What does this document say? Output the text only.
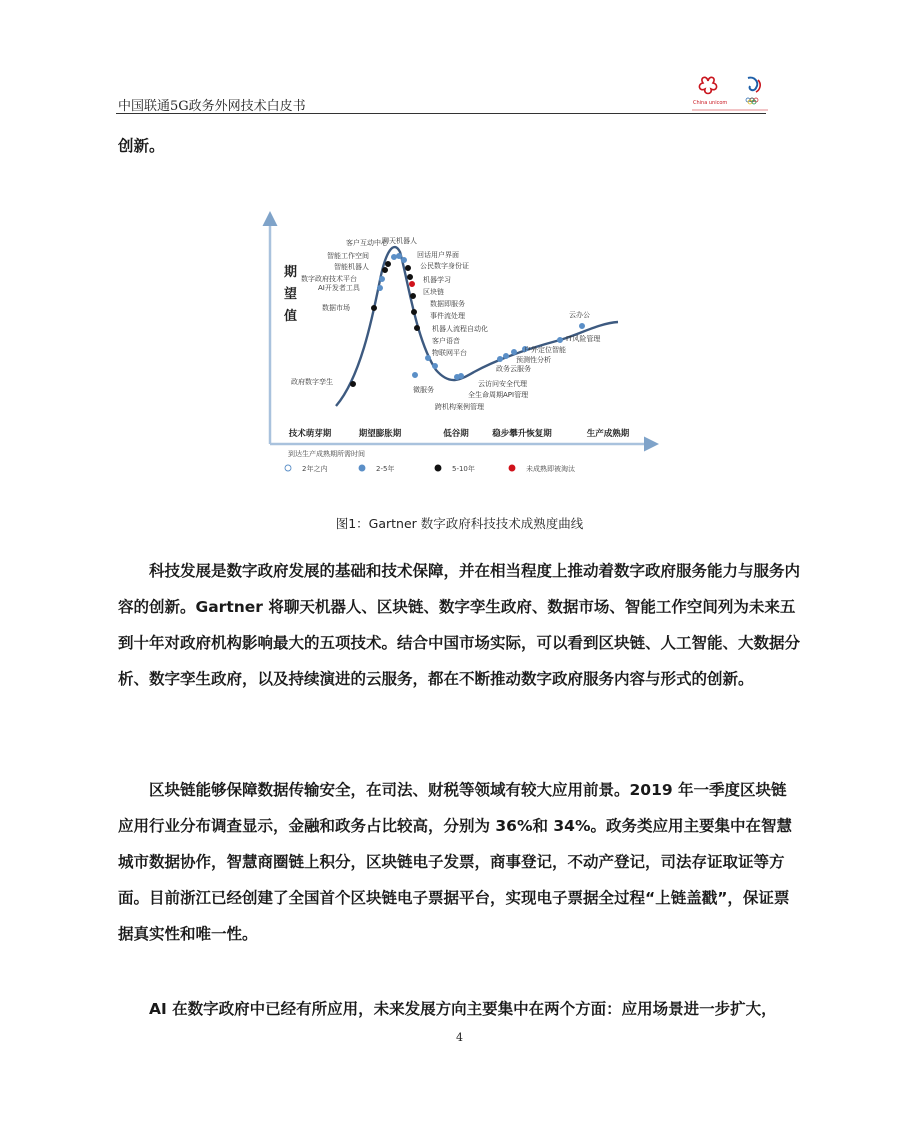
中国联通5G政务外网技术白皮书	China unicom

创新。

期望值
技术萌芽期	期望膨胀期	低谷期	稳步攀升恢复期	生产成熟期
政府数字孪生
数据市场
AI开发者工具
数字政府技术平台
智能机器人
智能工作空间
客户互动中心
聊天机器人
回话用户界面
公民数字身份证
机器学习
区块链
数据即服务
事件流处理
机器人流程自动化
客户语音
物联网平台
微服务
跨机构案例管理
全生命周期API管理
云访问安全代理
政务云服务
预测性分析
户外定位智能
IT风险管理
云办公
到达生产成熟期所需时间
2年之内	2-5年	5-10年	未成熟即被淘汰
图1：Gartner 数字政府科技技术成熟度曲线

科技发展是数字政府发展的基础和技术保障，并在相当程度上推动着数字政府服务能力与服务内容的创新。Gartner 将聊天机器人、区块链、数字孪生政府、数据市场、智能工作空间列为未来五到十年对政府机构影响最大的五项技术。结合中国市场实际，可以看到区块链、人工智能、大数据分析、数字孪生政府，以及持续演进的云服务，都在不断推动数字政府服务内容与形式的创新。

区块链能够保障数据传输安全，在司法、财税等领域有较大应用前景。2019 年一季度区块链应用行业分布调查显示，金融和政务占比较高，分别为 36%和 34%。政务类应用主要集中在智慧城市数据协作，智慧商圈链上积分，区块链电子发票，商事登记，不动产登记，司法存证取证等方面。目前浙江已经创建了全国首个区块链电子票据平台，实现电子票据全过程“上链盖戳”，保证票据真实性和唯一性。

AI 在数字政府中已经有所应用，未来发展方向主要集中在两个方面：应用场景进一步扩大，

4
